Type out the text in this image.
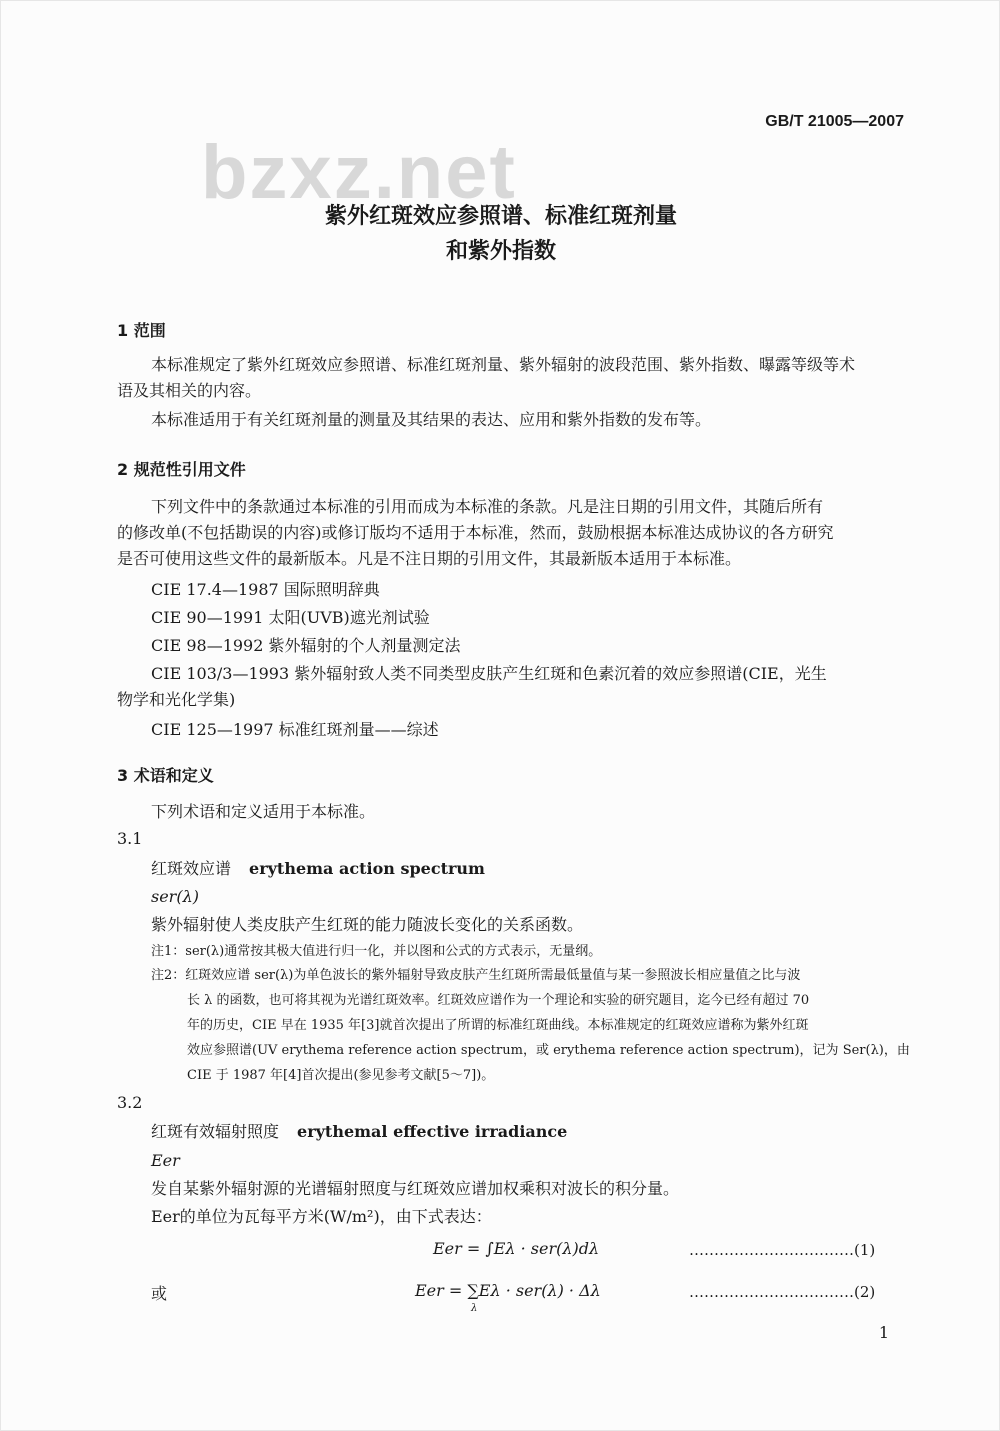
GB/T 21005—2007
bzxz.net
紫外红斑效应参照谱、标准红斑剂量
和紫外指数
1 范围
本标准规定了紫外红斑效应参照谱、标准红斑剂量、紫外辐射的波段范围、紫外指数、曝露等级等术
语及其相关的内容。
本标准适用于有关红斑剂量的测量及其结果的表达、应用和紫外指数的发布等。
2 规范性引用文件
下列文件中的条款通过本标准的引用而成为本标准的条款。凡是注日期的引用文件，其随后所有
的修改单(不包括勘误的内容)或修订版均不适用于本标准，然而，鼓励根据本标准达成协议的各方研究
是否可使用这些文件的最新版本。凡是不注日期的引用文件，其最新版本适用于本标准。
CIE 17.4—1987 国际照明辞典
CIE 90—1991 太阳(UVB)遮光剂试验
CIE 98—1992 紫外辐射的个人剂量测定法
CIE 103/3—1993 紫外辐射致人类不同类型皮肤产生红斑和色素沉着的效应参照谱(CIE，光生
物学和光化学集)
CIE 125—1997 标准红斑剂量——综述
3 术语和定义
下列术语和定义适用于本标准。
3.1
红斑效应谱 erythema action spectrum
ser(λ)
紫外辐射使人类皮肤产生红斑的能力随波长变化的关系函数。
注1：ser(λ)通常按其极大值进行归一化，并以图和公式的方式表示，无量纲。
注2：红斑效应谱 ser(λ)为单色波长的紫外辐射导致皮肤产生红斑所需最低量值与某一参照波长相应量值之比与波
长 λ 的函数，也可将其视为光谱红斑效率。红斑效应谱作为一个理论和实验的研究题目，迄今已经有超过 70
年的历史，CIE 早在 1935 年[3]就首次提出了所谓的标准红斑曲线。本标准规定的红斑效应谱称为紫外红斑
效应参照谱(UV erythema reference action spectrum，或 erythema reference action spectrum)，记为 Ser(λ)，由
CIE 于 1987 年[4]首次提出(参见参考文献[5～7])。
3.2
红斑有效辐射照度 erythemal effective irradiance
Eer
发自某紫外辐射源的光谱辐射照度与红斑效应谱加权乘积对波长的积分量。
Eer的单位为瓦每平方米(W/m²)，由下式表达：
Eer = ∫Eλ · ser(λ)dλ	……………………………(1)
或	Eer = ∑Eλ · ser(λ) · Δλ
λ
……………………………(2)
1
